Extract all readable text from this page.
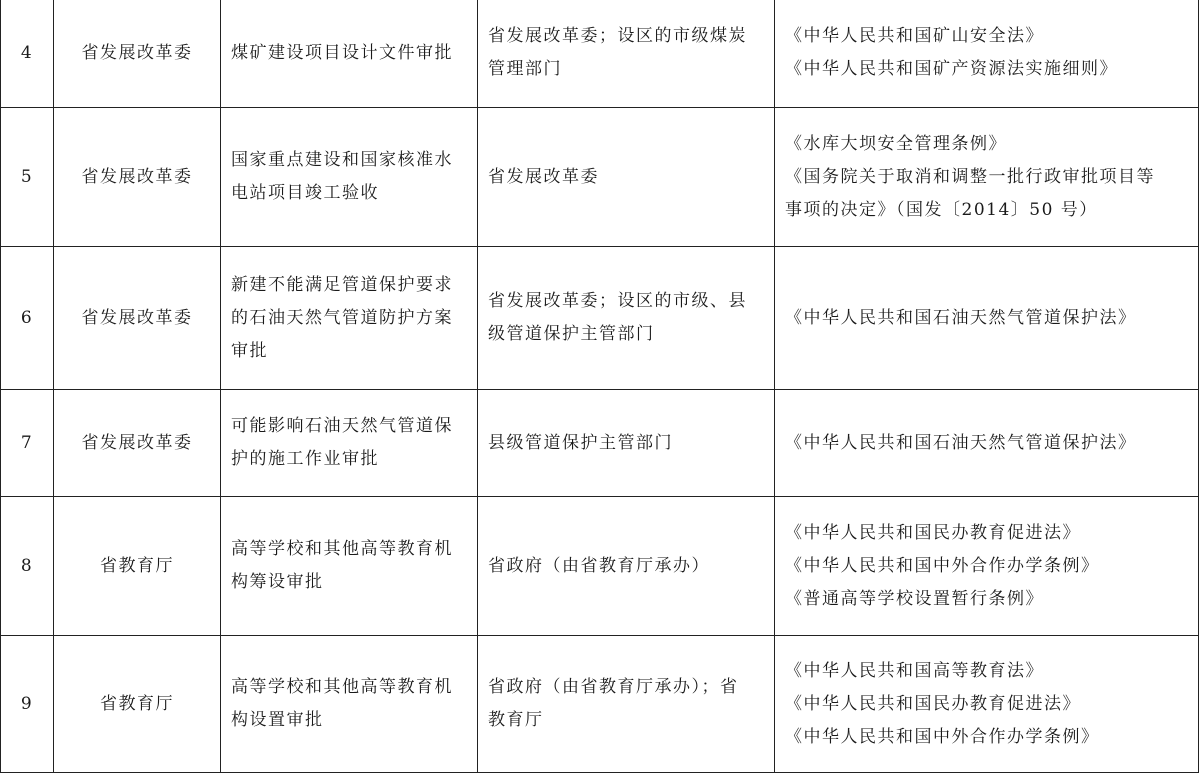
4	省发展改革委	煤矿建设项目设计文件审批	省发展改革委；设区的市级煤炭
管理部门	《中华人民共和国矿山安全法》
《中华人民共和国矿产资源法实施细则》

5	省发展改革委	国家重点建设和国家核准水
电站项目竣工验收	省发展改革委	《水库大坝安全管理条例》
《国务院关于取消和调整一批行政审批项目等
事项的决定》（国发〔2014〕50 号）

6	省发展改革委	新建不能满足管道保护要求
的石油天然气管道防护方案
审批	省发展改革委；设区的市级、县
级管道保护主管部门	《中华人民共和国石油天然气管道保护法》

7	省发展改革委	可能影响石油天然气管道保
护的施工作业审批	县级管道保护主管部门	《中华人民共和国石油天然气管道保护法》

8	省教育厅	高等学校和其他高等教育机
构筹设审批	省政府（由省教育厅承办）	《中华人民共和国民办教育促进法》
《中华人民共和国中外合作办学条例》
《普通高等学校设置暂行条例》

9	省教育厅	高等学校和其他高等教育机
构设置审批	省政府（由省教育厅承办）；省
教育厅	《中华人民共和国高等教育法》
《中华人民共和国民办教育促进法》
《中华人民共和国中外合作办学条例》
